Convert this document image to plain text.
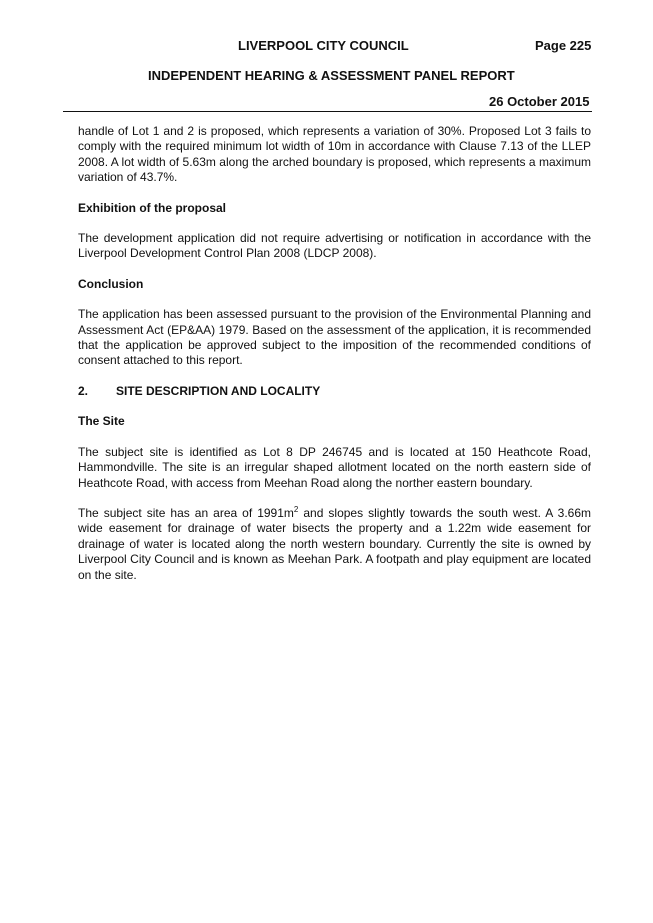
LIVERPOOL CITY COUNCIL	Page 225
INDEPENDENT HEARING & ASSESSMENT PANEL REPORT
26 October 2015

handle of Lot 1 and 2 is proposed, which represents a variation of 30%. Proposed Lot 3 fails to comply with the required minimum lot width of 10m in accordance with Clause 7.13 of the LLEP 2008. A lot width of 5.63m along the arched boundary is proposed, which represents a maximum variation of 43.7%.

Exhibition of the proposal

The development application did not require advertising or notification in accordance with the Liverpool Development Control Plan 2008 (LDCP 2008).

Conclusion

The application has been assessed pursuant to the provision of the Environmental Planning and Assessment Act (EP&AA) 1979. Based on the assessment of the application, it is recommended that the application be approved subject to the imposition of the recommended conditions of consent attached to this report.

2.	SITE DESCRIPTION AND LOCALITY
The Site

The subject site is identified as Lot 8 DP 246745 and is located at 150 Heathcote Road, Hammondville. The site is an irregular shaped allotment located on the north eastern side of Heathcote Road, with access from Meehan Road along the norther eastern boundary.

The subject site has an area of $1991m^2$ and slopes slightly towards the south west. A 3.66m wide easement for drainage of water bisects the property and a 1.22m wide easement for drainage of water is located along the north western boundary. Currently the site is owned by Liverpool City Council and is known as Meehan Park. A footpath and play equipment are located on the site.
